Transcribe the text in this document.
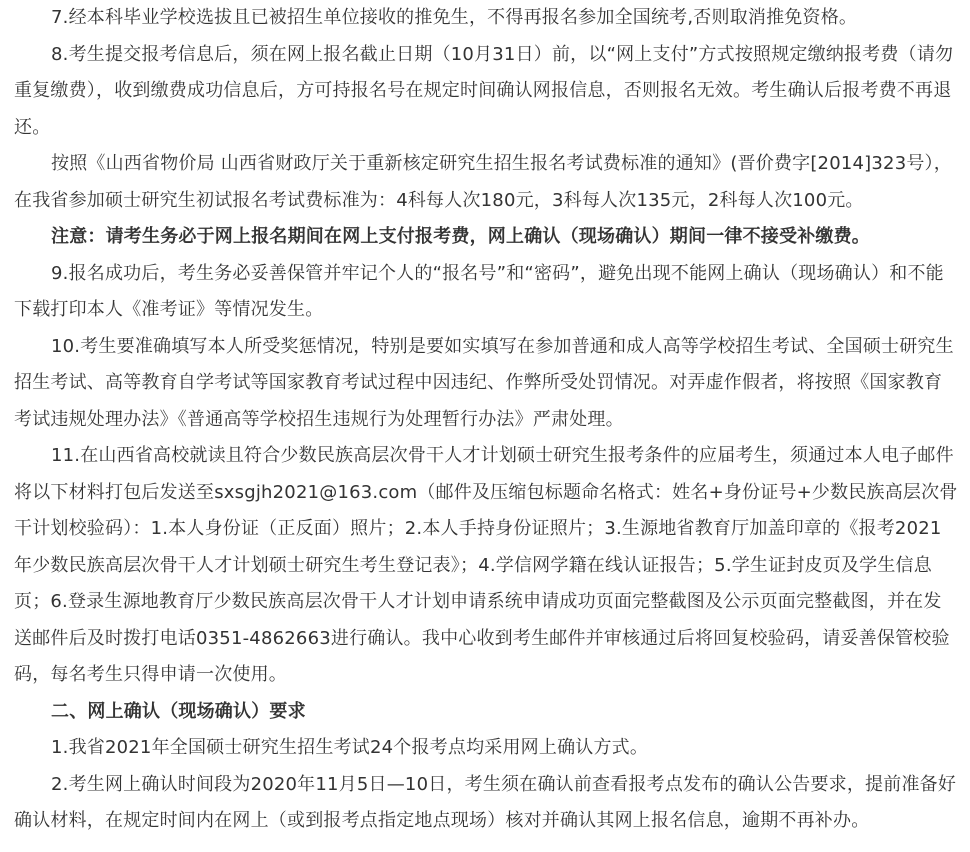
7.经本科毕业学校选拔且已被招生单位接收的推免生，不得再报名参加全国统考,否则取消推免资格。

8.考生提交报考信息后，须在网上报名截止日期（10月31日）前，以“网上支付”方式按照规定缴纳报考费（请勿重复缴费），收到缴费成功信息后，方可持报名号在规定时间确认网报信息，否则报名无效。考生确认后报考费不再退还。

按照《山西省物价局 山西省财政厅关于重新核定研究生招生报名考试费标准的通知》(晋价费字[2014]323号），在我省参加硕士研究生初试报名考试费标准为：4科每人次180元，3科每人次135元，2科每人次100元。

注意：请考生务必于网上报名期间在网上支付报考费，网上确认（现场确认）期间一律不接受补缴费。

9.报名成功后，考生务必妥善保管并牢记个人的“报名号”和“密码”，避免出现不能网上确认（现场确认）和不能下载打印本人《准考证》等情况发生。

10.考生要准确填写本人所受奖惩情况，特别是要如实填写在参加普通和成人高等学校招生考试、全国硕士研究生招生考试、高等教育自学考试等国家教育考试过程中因违纪、作弊所受处罚情况。对弄虚作假者，将按照《国家教育考试违规处理办法》《普通高等学校招生违规行为处理暂行办法》严肃处理。

11.在山西省高校就读且符合少数民族高层次骨干人才计划硕士研究生报考条件的应届考生，须通过本人电子邮件将以下材料打包后发送至sxsgjh2021@163.com（邮件及压缩包标题命名格式：姓名+身份证号+少数民族高层次骨干计划校验码）：1.本人身份证（正反面）照片；2.本人手持身份证照片；3.生源地省教育厅加盖印章的《报考2021年少数民族高层次骨干人才计划硕士研究生考生登记表》；4.学信网学籍在线认证报告；5.学生证封皮页及学生信息页；6.登录生源地教育厅少数民族高层次骨干人才计划申请系统申请成功页面完整截图及公示页面完整截图，并在发送邮件后及时拨打电话0351-4862663进行确认。我中心收到考生邮件并审核通过后将回复校验码，请妥善保管校验码，每名考生只得申请一次使用。

二、网上确认（现场确认）要求

1.我省2021年全国硕士研究生招生考试24个报考点均采用网上确认方式。

2.考生网上确认时间段为2020年11月5日—10日，考生须在确认前查看报考点发布的确认公告要求，提前准备好确认材料，在规定时间内在网上（或到报考点指定地点现场）核对并确认其网上报名信息，逾期不再补办。
